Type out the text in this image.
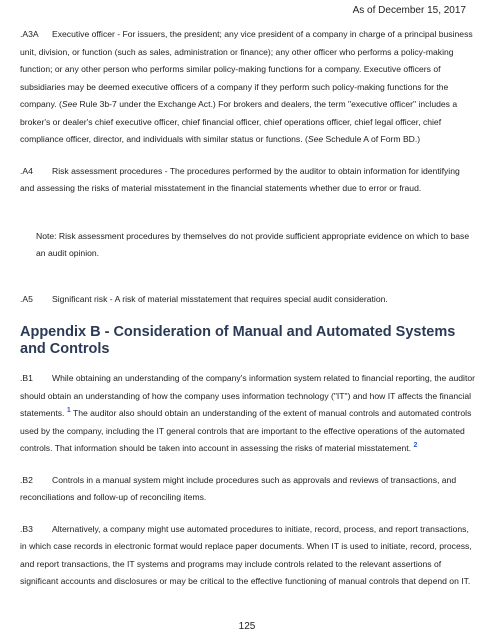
As of December 15, 2017

.A3A Executive officer - For issuers, the president; any vice president of a company in charge of a principal business unit, division, or function (such as sales, administration or finance); any other officer who performs a policy-making function; or any other person who performs similar policy-making functions for a company. Executive officers of subsidiaries may be deemed executive officers of a company if they perform such policy-making functions for the company. (See Rule 3b-7 under the Exchange Act.) For brokers and dealers, the term "executive officer" includes a broker's or dealer's chief executive officer, chief financial officer, chief operations officer, chief legal officer, chief compliance officer, director, and individuals with similar status or functions. (See Schedule A of Form BD.)

.A4 Risk assessment procedures - The procedures performed by the auditor to obtain information for identifying and assessing the risks of material misstatement in the financial statements whether due to error or fraud.

Note: Risk assessment procedures by themselves do not provide sufficient appropriate evidence on which to base an audit opinion.

.A5 Significant risk - A risk of material misstatement that requires special audit consideration.

Appendix B - Consideration of Manual and Automated Systems and Controls

.B1 While obtaining an understanding of the company's information system related to financial reporting, the auditor should obtain an understanding of how the company uses information technology ("IT") and how IT affects the financial statements. $^1$ The auditor also should obtain an understanding of the extent of manual controls and automated controls used by the company, including the IT general controls that are important to the effective operations of the automated controls. That information should be taken into account in assessing the risks of material misstatement. $^2$

.B2 Controls in a manual system might include procedures such as approvals and reviews of transactions, and reconciliations and follow-up of reconciling items.

.B3 Alternatively, a company might use automated procedures to initiate, record, process, and report transactions, in which case records in electronic format would replace paper documents. When IT is used to initiate, record, process, and report transactions, the IT systems and programs may include controls related to the relevant assertions of significant accounts and disclosures or may be critical to the effective functioning of manual controls that depend on IT.

125
